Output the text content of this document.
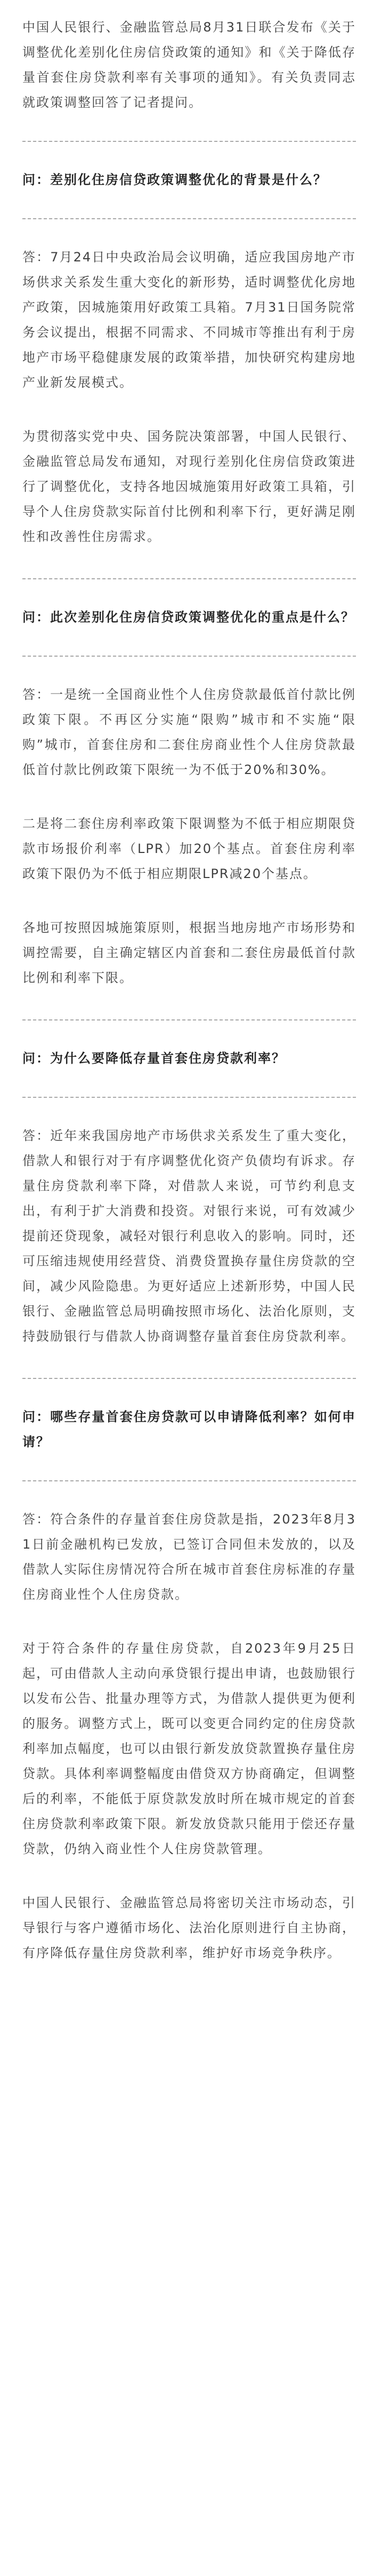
中国人民银行、金融监管总局8月31日联合发布《关于调整优化差别化住房信贷政策的通知》和《关于降低存量首套住房贷款利率有关事项的通知》。有关负责同志就政策调整回答了记者提问。

问：差别化住房信贷政策调整优化的背景是什么？

答：7月24日中央政治局会议明确，适应我国房地产市场供求关系发生重大变化的新形势，适时调整优化房地产政策，因城施策用好政策工具箱。7月31日国务院常务会议提出，根据不同需求、不同城市等推出有利于房地产市场平稳健康发展的政策举措，加快研究构建房地产业新发展模式。

为贯彻落实党中央、国务院决策部署，中国人民银行、金融监管总局发布通知，对现行差别化住房信贷政策进行了调整优化，支持各地因城施策用好政策工具箱，引导个人住房贷款实际首付比例和利率下行，更好满足刚性和改善性住房需求。

问：此次差别化住房信贷政策调整优化的重点是什么？

答：一是统一全国商业性个人住房贷款最低首付款比例政策下限。不再区分实施“限购”城市和不实施“限购”城市，首套住房和二套住房商业性个人住房贷款最低首付款比例政策下限统一为不低于20%和30%。

二是将二套住房利率政策下限调整为不低于相应期限贷款市场报价利率（LPR）加20个基点。首套住房利率政策下限仍为不低于相应期限LPR减20个基点。

各地可按照因城施策原则，根据当地房地产市场形势和调控需要，自主确定辖区内首套和二套住房最低首付款比例和利率下限。

问：为什么要降低存量首套住房贷款利率？

答：近年来我国房地产市场供求关系发生了重大变化，借款人和银行对于有序调整优化资产负债均有诉求。存量住房贷款利率下降，对借款人来说，可节约利息支出，有利于扩大消费和投资。对银行来说，可有效减少提前还贷现象，减轻对银行利息收入的影响。同时，还可压缩违规使用经营贷、消费贷置换存量住房贷款的空间，减少风险隐患。为更好适应上述新形势，中国人民银行、金融监管总局明确按照市场化、法治化原则，支持鼓励银行与借款人协商调整存量首套住房贷款利率。

问：哪些存量首套住房贷款可以申请降低利率？如何申请？

答：符合条件的存量首套住房贷款是指，2023年8月31日前金融机构已发放，已签订合同但未发放的，以及借款人实际住房情况符合所在城市首套住房标准的存量住房商业性个人住房贷款。

对于符合条件的存量住房贷款，自2023年9月25日起，可由借款人主动向承贷银行提出申请，也鼓励银行以发布公告、批量办理等方式，为借款人提供更为便利的服务。调整方式上，既可以变更合同约定的住房贷款利率加点幅度，也可以由银行新发放贷款置换存量住房贷款。具体利率调整幅度由借贷双方协商确定，但调整后的利率，不能低于原贷款发放时所在城市规定的首套住房贷款利率政策下限。新发放贷款只能用于偿还存量贷款，仍纳入商业性个人住房贷款管理。

中国人民银行、金融监管总局将密切关注市场动态，引导银行与客户遵循市场化、法治化原则进行自主协商，有序降低存量住房贷款利率，维护好市场竞争秩序。
